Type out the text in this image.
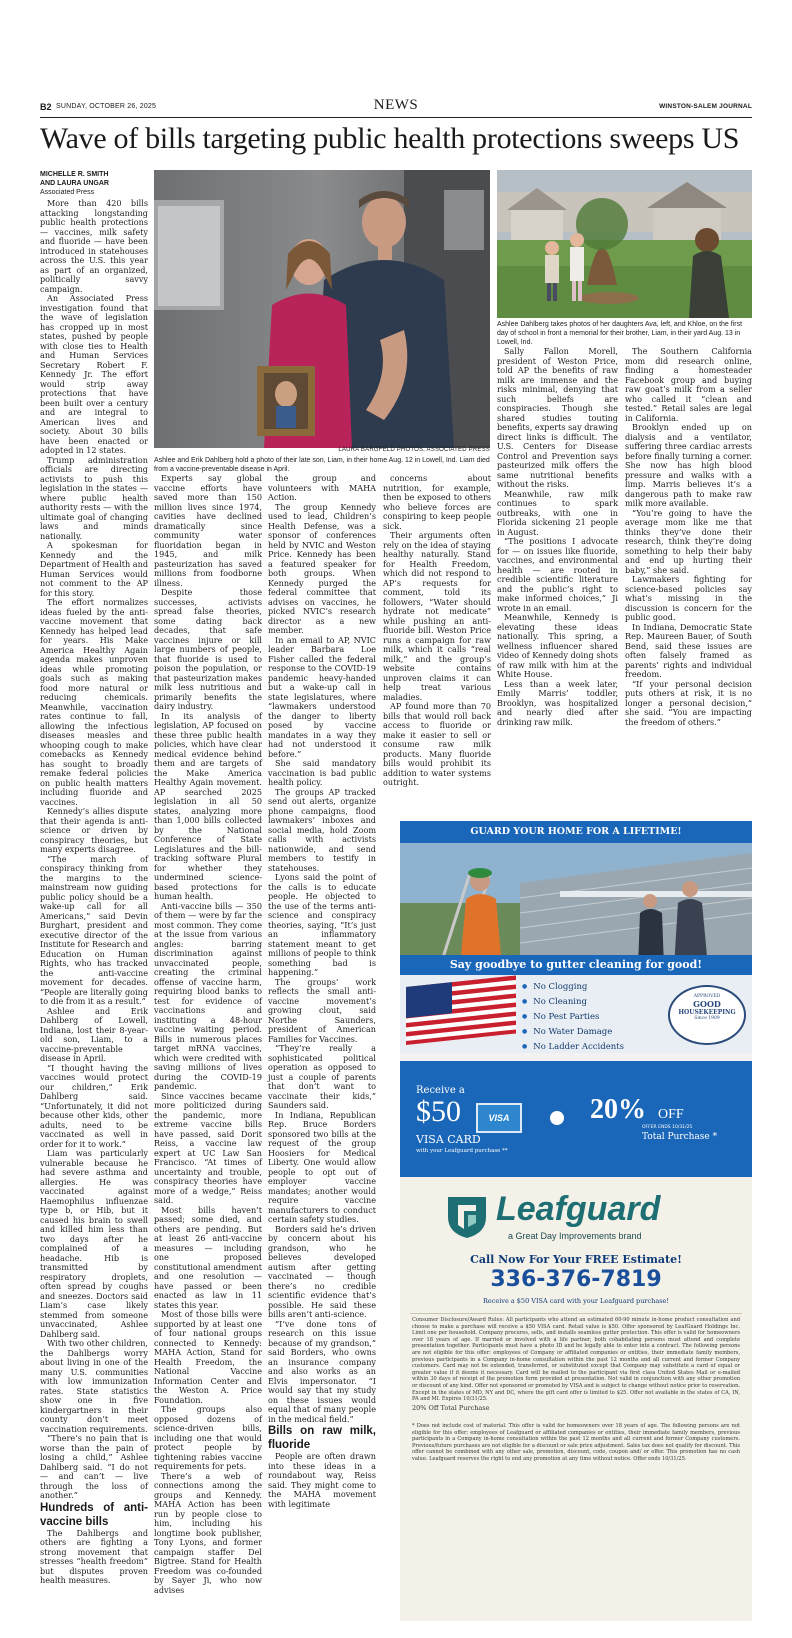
NEWS
B2 SUNDAY, OCTOBER 26, 2025	WINSTON-SALEM JOURNAL
Wave of bills targeting public health protections sweeps US
MICHELLE R. SMITH
AND LAURA UNGAR
Associated Press

More than 420 bills attacking longstanding public health protections — vaccines, milk safety and fluoride — have been introduced in statehouses across the U.S. this year as part of an organized, politically savvy campaign.

An Associated Press investigation found that the wave of legislation has cropped up in most states, pushed by people with close ties to Health and Human Services Secretary Robert F. Kennedy Jr. The effort would strip away protections that have been built over a century and are integral to American lives and society. About 30 bills have been enacted or adopted in 12 states.

Trump administration officials are directing activists to push this legislation in the states — where public health authority rests — with the ultimate goal of changing laws and minds nationally.

A spokesman for Kennedy and the Department of Health and Human Services would not comment to the AP for this story.

The effort normalizes ideas fueled by the anti-vaccine movement that Kennedy has helped lead for years. His Make America Healthy Again agenda makes unproven ideas while promoting goals such as making food more natural or reducing chemicals. Meanwhile, vaccination rates continue to fall, allowing the infectious diseases measles and whooping cough to make comebacks as Kennedy has sought to broadly remake federal policies on public health matters including fluoride and vaccines.

Kennedy’s allies dispute that their agenda is anti-science or driven by conspiracy theories, but many experts disagree.

“The march of conspiracy thinking from the margins to the mainstream now guiding public policy should be a wake-up call for all Americans,” said Devin Burghart, president and executive director of the Institute for Research and Education on Human Rights, who has tracked the anti-vaccine movement for decades. “People are literally going to die from it as a result.”

Ashlee and Erik Dahlberg of Lowell, Indiana, lost their 8-year-old son, Liam, to a vaccine-preventable disease in April.

“I thought having the vaccines would protect our children,” Erik Dahlberg said. “Unfortunately, it did not because other kids, other adults, need to be vaccinated as well in order for it to work.”

Liam was particularly vulnerable because he had severe asthma and allergies. He was vaccinated against Haemophilus influenzae type b, or Hib, but it caused his brain to swell and killed him less than two days after he complained of a headache. Hib is transmitted by respiratory droplets, often spread by coughs and sneezes. Doctors said Liam’s case likely stemmed from someone unvaccinated, Ashlee Dahlberg said.

With two other children, the Dahlbergs worry about living in one of the many U.S. communities with low immunization rates. State statistics show one in five kindergartners in their county don’t meet vaccination requirements.

“There’s no pain that is worse than the pain of losing a child,” Ashlee Dahlberg said. “I do not — and can’t — live through the loss of another.”

Hundreds of anti-vaccine bills

The Dahlbergs and others are fighting a strong movement that stresses “health freedom” but disputes proven health measures.

LAURA BARGFELD PHOTOS, ASSOCIATED PRESS
Ashlee and Erik Dahlberg hold a photo of their late son, Liam, in their home Aug. 12 in Lowell, Ind. Liam died from a vaccine-preventable disease in April.
Ashlee Dahlberg takes photos of her daughters Ava, left, and Khloe, on the first day of school in front a memorial for their brother, Liam, in their yard Aug. 13 in Lowell, Ind.

Experts say global vaccine efforts have saved more than 150 million lives since 1974, cavities have declined dramatically since community water fluoridation began in 1945, and milk pasteurization has saved millions from foodborne illness.

Despite those successes, activists spread false theories, some dating back decades, that safe vaccines injure or kill large numbers of people, that fluoride is used to poison the population, or that pasteurization makes milk less nutritious and primarily benefits the dairy industry.

In its analysis of legislation, AP focused on these three public health policies, which have clear medical evidence behind them and are targets of the Make America Healthy Again movement. AP searched 2025 legislation in all 50 states, analyzing more than 1,000 bills collected by the National Conference of State Legislatures and the bill-tracking software Plural for whether they undermined science-based protections for human health.

Anti-vaccine bills — 350 of them — were by far the most common. They come at the issue from various angles: barring discrimination against unvaccinated people, creating the criminal offense of vaccine harm, requiring blood banks to test for evidence of vaccinations and instituting a 48-hour vaccine waiting period. Bills in numerous places target mRNA vaccines, which were credited with saving millions of lives during the COVID-19 pandemic.

Since vaccines became more politicized during the pandemic, more extreme vaccine bills have passed, said Dorit Reiss, a vaccine law expert at UC Law San Francisco. “At times of uncertainty and trouble, conspiracy theories have more of a wedge,” Reiss said.

Most bills haven’t passed; some died, and others are pending. But at least 26 anti-vaccine measures — including one proposed constitutional amendment and one resolution — have passed or been enacted as law in 11 states this year.

Most of those bills were supported by at least one of four national groups connected to Kennedy: MAHA Action, Stand for Health Freedom, the National Vaccine Information Center and the Weston A. Price Foundation.

The groups also opposed dozens of science-driven bills, including one that would protect people by tightening rabies vaccine requirements for pets.

There’s a web of connections among the groups and Kennedy. MAHA Action has been run by people close to him, including his longtime book publisher, Tony Lyons, and former campaign staffer Del Bigtree. Stand for Health Freedom was co-founded by Sayer Ji, who now advises

the group and volunteers with MAHA Action.

The group Kennedy used to lead, Children’s Health Defense, was a sponsor of conferences held by NVIC and Weston Price. Kennedy has been a featured speaker for both groups. When Kennedy purged the federal committee that advises on vaccines, he picked NVIC’s research director as a new member.

In an email to AP, NVIC leader Barbara Loe Fisher called the federal response to the COVID-19 pandemic heavy-handed but a wake-up call in state legislatures, where “lawmakers understood the danger to liberty posed by vaccine mandates in a way they had not understood it before.”

She said mandatory vaccination is bad public health policy.

The groups AP tracked send out alerts, organize phone campaigns, flood lawmakers’ inboxes and social media, hold Zoom calls with activists nationwide, and send members to testify in statehouses.

Lyons said the point of the calls is to educate people. He objected to the use of the terms anti-science and conspiracy theories, saying, “It’s just an inflammatory statement meant to get millions of people to think something bad is happening.”

The groups’ work reflects the small anti-vaccine movement’s growing clout, said Northe Saunders, president of American Families for Vaccines.

“They’re really a sophisticated political operation as opposed to just a couple of parents that don’t want to vaccinate their kids,” Saunders said.

In Indiana, Republican Rep. Bruce Borders sponsored two bills at the request of the group Hoosiers for Medical Liberty. One would allow people to opt out of employer vaccine mandates; another would require vaccine manufacturers to conduct certain safety studies.

Borders said he’s driven by concern about his grandson, who he believes developed autism after getting vaccinated — though there’s no credible scientific evidence that’s possible. He said these bills aren’t anti-science.

“I’ve done tons of research on this issue because of my grandson,” said Borders, who owns an insurance company and also works as an Elvis impersonator. “I would say that my study on these issues would equal that of many people in the medical field.”

Bills on raw milk, fluoride

People are often drawn into these ideas in a roundabout way, Reiss said. They might come to the MAHA movement with legitimate

concerns about nutrition, for example, then be exposed to others who believe forces are conspiring to keep people sick.

Their arguments often rely on the idea of staying healthy naturally. Stand for Health Freedom, which did not respond to AP’s requests for comment, told its followers, “Water should hydrate not medicate” while pushing an anti-fluoride bill. Weston Price runs a campaign for raw milk, which it calls “real milk,” and the group’s website contains unproven claims it can help treat various maladies.

AP found more than 70 bills that would roll back access to fluoride or make it easier to sell or consume raw milk products. Many fluoride bills would prohibit its addition to water systems outright.

Sally Fallon Morell, president of Weston Price, told AP the benefits of raw milk are immense and the risks minimal, denying that such beliefs are conspiracies. Though she shared studies touting benefits, experts say drawing direct links is difficult. The U.S. Centers for Disease Control and Prevention says pasteurized milk offers the same nutritional benefits without the risks.

Meanwhile, raw milk continues to spark outbreaks, with one in Florida sickening 21 people in August.

“The positions I advocate for — on issues like fluoride, vaccines, and environmental health — are rooted in credible scientific literature and the public’s right to make informed choices,” Ji wrote in an email.

Meanwhile, Kennedy is elevating these ideas nationally. This spring, a wellness influencer shared video of Kennedy doing shots of raw milk with him at the White House.

Less than a week later, Emily Marris’ toddler, Brooklyn, was hospitalized and nearly died after drinking raw milk.

The Southern California mom did research online, finding a homesteader Facebook group and buying raw goat’s milk from a seller who called it “clean and tested.” Retail sales are legal in California.

Brooklyn ended up on dialysis and a ventilator, suffering three cardiac arrests before finally turning a corner. She now has high blood pressure and walks with a limp. Marris believes it’s a dangerous path to make raw milk more available.

“You’re going to have the average mom like me that thinks they’ve done their research, think they’re doing something to help their baby and end up hurting their baby,” she said.

Lawmakers fighting for science-based policies say what’s missing in the discussion is concern for the public good.

In Indiana, Democratic State Rep. Maureen Bauer, of South Bend, said these issues are often falsely framed as parents’ rights and individual freedom.

“If your personal decision puts others at risk, it is no longer a personal decision,” she said. “You are impacting the freedom of others.”

GUARD YOUR HOME FOR A LIFETIME!
Say goodbye to gutter cleaning for good!
● No Clogging
● No Cleaning
● No Pest Parties
● No Water Damage
● No Ladder Accidents
APPROVED
GOOD
HOUSEKEEPING
Since 1909
Receive a
$50	VISA
VISA CARD
with your Leafguard purchase **
20% OFF
OFFER ENDS 10/31/25
Total Purchase *
Leafguard
a Great Day Improvements brand
Call Now For Your FREE Estimate!
336-376-7819
Receive a $50 VISA card with your Leafguard purchase!
Consumer Disclosure/Award Rules: All participants who attend an estimated 60-90 minute in-home product consultation and choose to make a purchase will receive a $50 VISA card. Retail value is $50. Offer sponsored by LeafGuard Holdings Inc. Limit one per household. Company procures, sells, and installs seamless gutter protection. This offer is valid for homeowners over 18 years of age. If married or involved with a life partner, both cohabitating persons must attend and complete presentation together. Participants must have a photo ID and be legally able to enter into a contract. The following persons are not eligible for this offer: employees of Company or affiliated companies or entities, their immediate family members, previous participants in a Company in-home consultation within the past 12 months and all current and former Company customers. Card may not be extended, transferred, or substituted except that Company may substitute a card of equal or greater value if it deems it necessary. Card will be mailed to the participant via first class United States Mail or e-mailed within 30 days of receipt of the promotion form provided at presentation. Not valid in conjunction with any other promotion or discount of any kind. Offer not sponsored or promoted by VISA and is subject to change without notice prior to reservation. Except in the states of MD, NY and DC, where the gift card offer is limited to $25. Offer not available in the states of CA, IN, PA and MI. Expires 10/31/25.
20% Off Total Purchase
* Does not include cost of material. This offer is valid for homeowners over 18 years of age. The following persons are not eligible for this offer: employees of Leafguard or affiliated companies or entities, their immediate family members, previous participants in a Company in-home consultation within the past 12 months and all current and former Company customers. Previous/future purchases are not eligible for a discount or sale price adjustment. Sales tax does not qualify for discount. This offer cannot be combined with any other sale, promotion, discount, code, coupon and/ or offer. This promotion has no cash value. Leafguard reserves the right to end any promotion at any time without notice. Offer ends 10/31/25.
